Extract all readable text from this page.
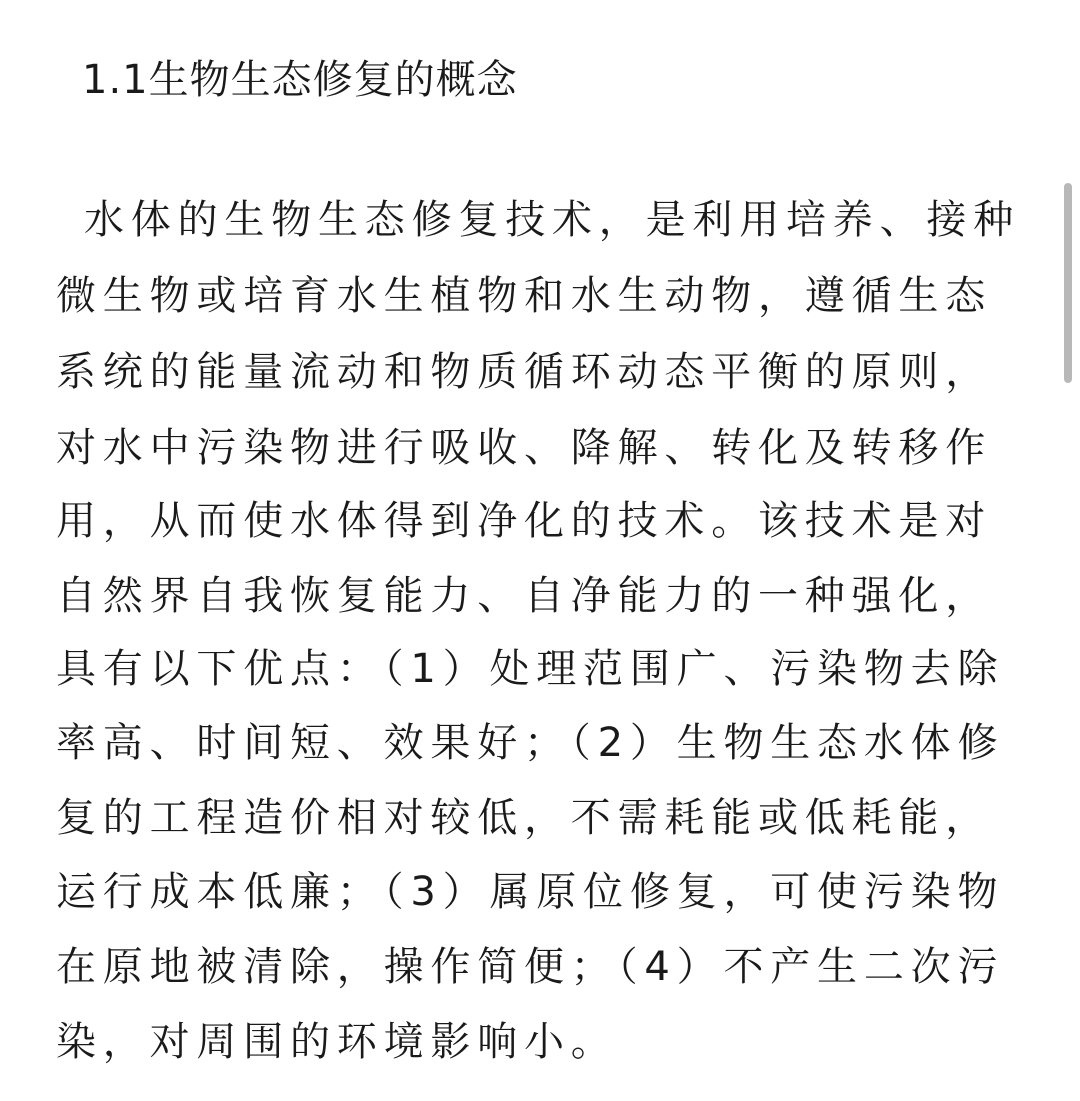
1.1生物生态修复的概念
水体的生物生态修复技术，是利用培养、接种
微生物或培育水生植物和水生动物，遵循生态
系统的能量流动和物质循环动态平衡的原则，
对水中污染物进行吸收、降解、转化及转移作
用，从而使水体得到净化的技术。该技术是对
自然界自我恢复能力、自净能力的一种强化，
具有以下优点：（1）处理范围广、污染物去除
率高、时间短、效果好；（2）生物生态水体修
复的工程造价相对较低，不需耗能或低耗能，
运行成本低廉；（3）属原位修复，可使污染物
在原地被清除，操作简便；（4）不产生二次污
染，对周围的环境影响小。
